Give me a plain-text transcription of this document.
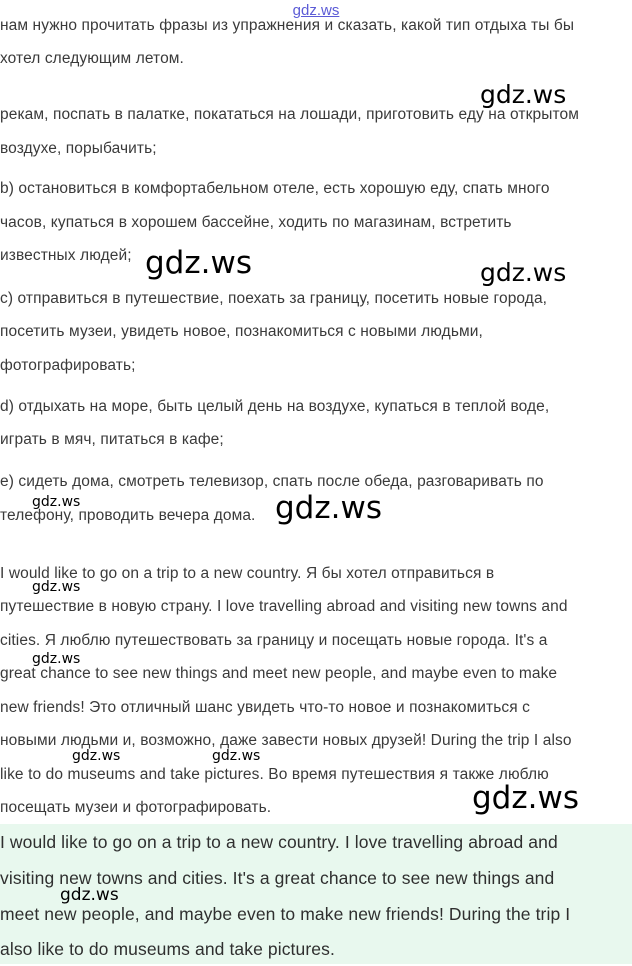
gdz.ws
нам нужно прочитать фразы из упражнения и сказать, какой тип отдыха ты бы
хотел следующим летом.
рекам, поспать в палатке, покататься на лошади, приготовить еду на открытом
воздухе, порыбачить;
b) остановиться в комфортабельном отеле, есть хорошую еду, спать много
часов, купаться в хорошем бассейне, ходить по магазинам, встретить
известных людей;
c) отправиться в путешествие, поехать за границу, посетить новые города,
посетить музеи, увидеть новое, познакомиться с новыми людьми,
фотографировать;
d) отдыхать на море, быть целый день на воздухе, купаться в теплой воде,
играть в мяч, питаться в кафе;
e) сидеть дома, смотреть телевизор, спать после обеда, разговаривать по
телефону, проводить вечера дома.
I would like to go on a trip to a new country. Я бы хотел отправиться в
путешествие в новую страну. I love travelling abroad and visiting new towns and
cities. Я люблю путешествовать за границу и посещать новые города. It's a
great chance to see new things and meet new people, and maybe even to make
new friends! Это отличный шанс увидеть что-то новое и познакомиться с
новыми людьми и, возможно, даже завести новых друзей! During the trip I also
like to do museums and take pictures. Во время путешествия я также люблю
посещать музеи и фотографировать.
I would like to go on a trip to a new country. I love travelling abroad and
visiting new towns and cities. It's a great chance to see new things and
meet new people, and maybe even to make new friends! During the trip I
also like to do museums and take pictures.
gdz.ws
gdz.ws	gdz.ws
gdz.ws	gdz.ws
gdz.ws
gdz.ws
gdz.ws	gdz.ws
gdz.ws
gdz.ws
